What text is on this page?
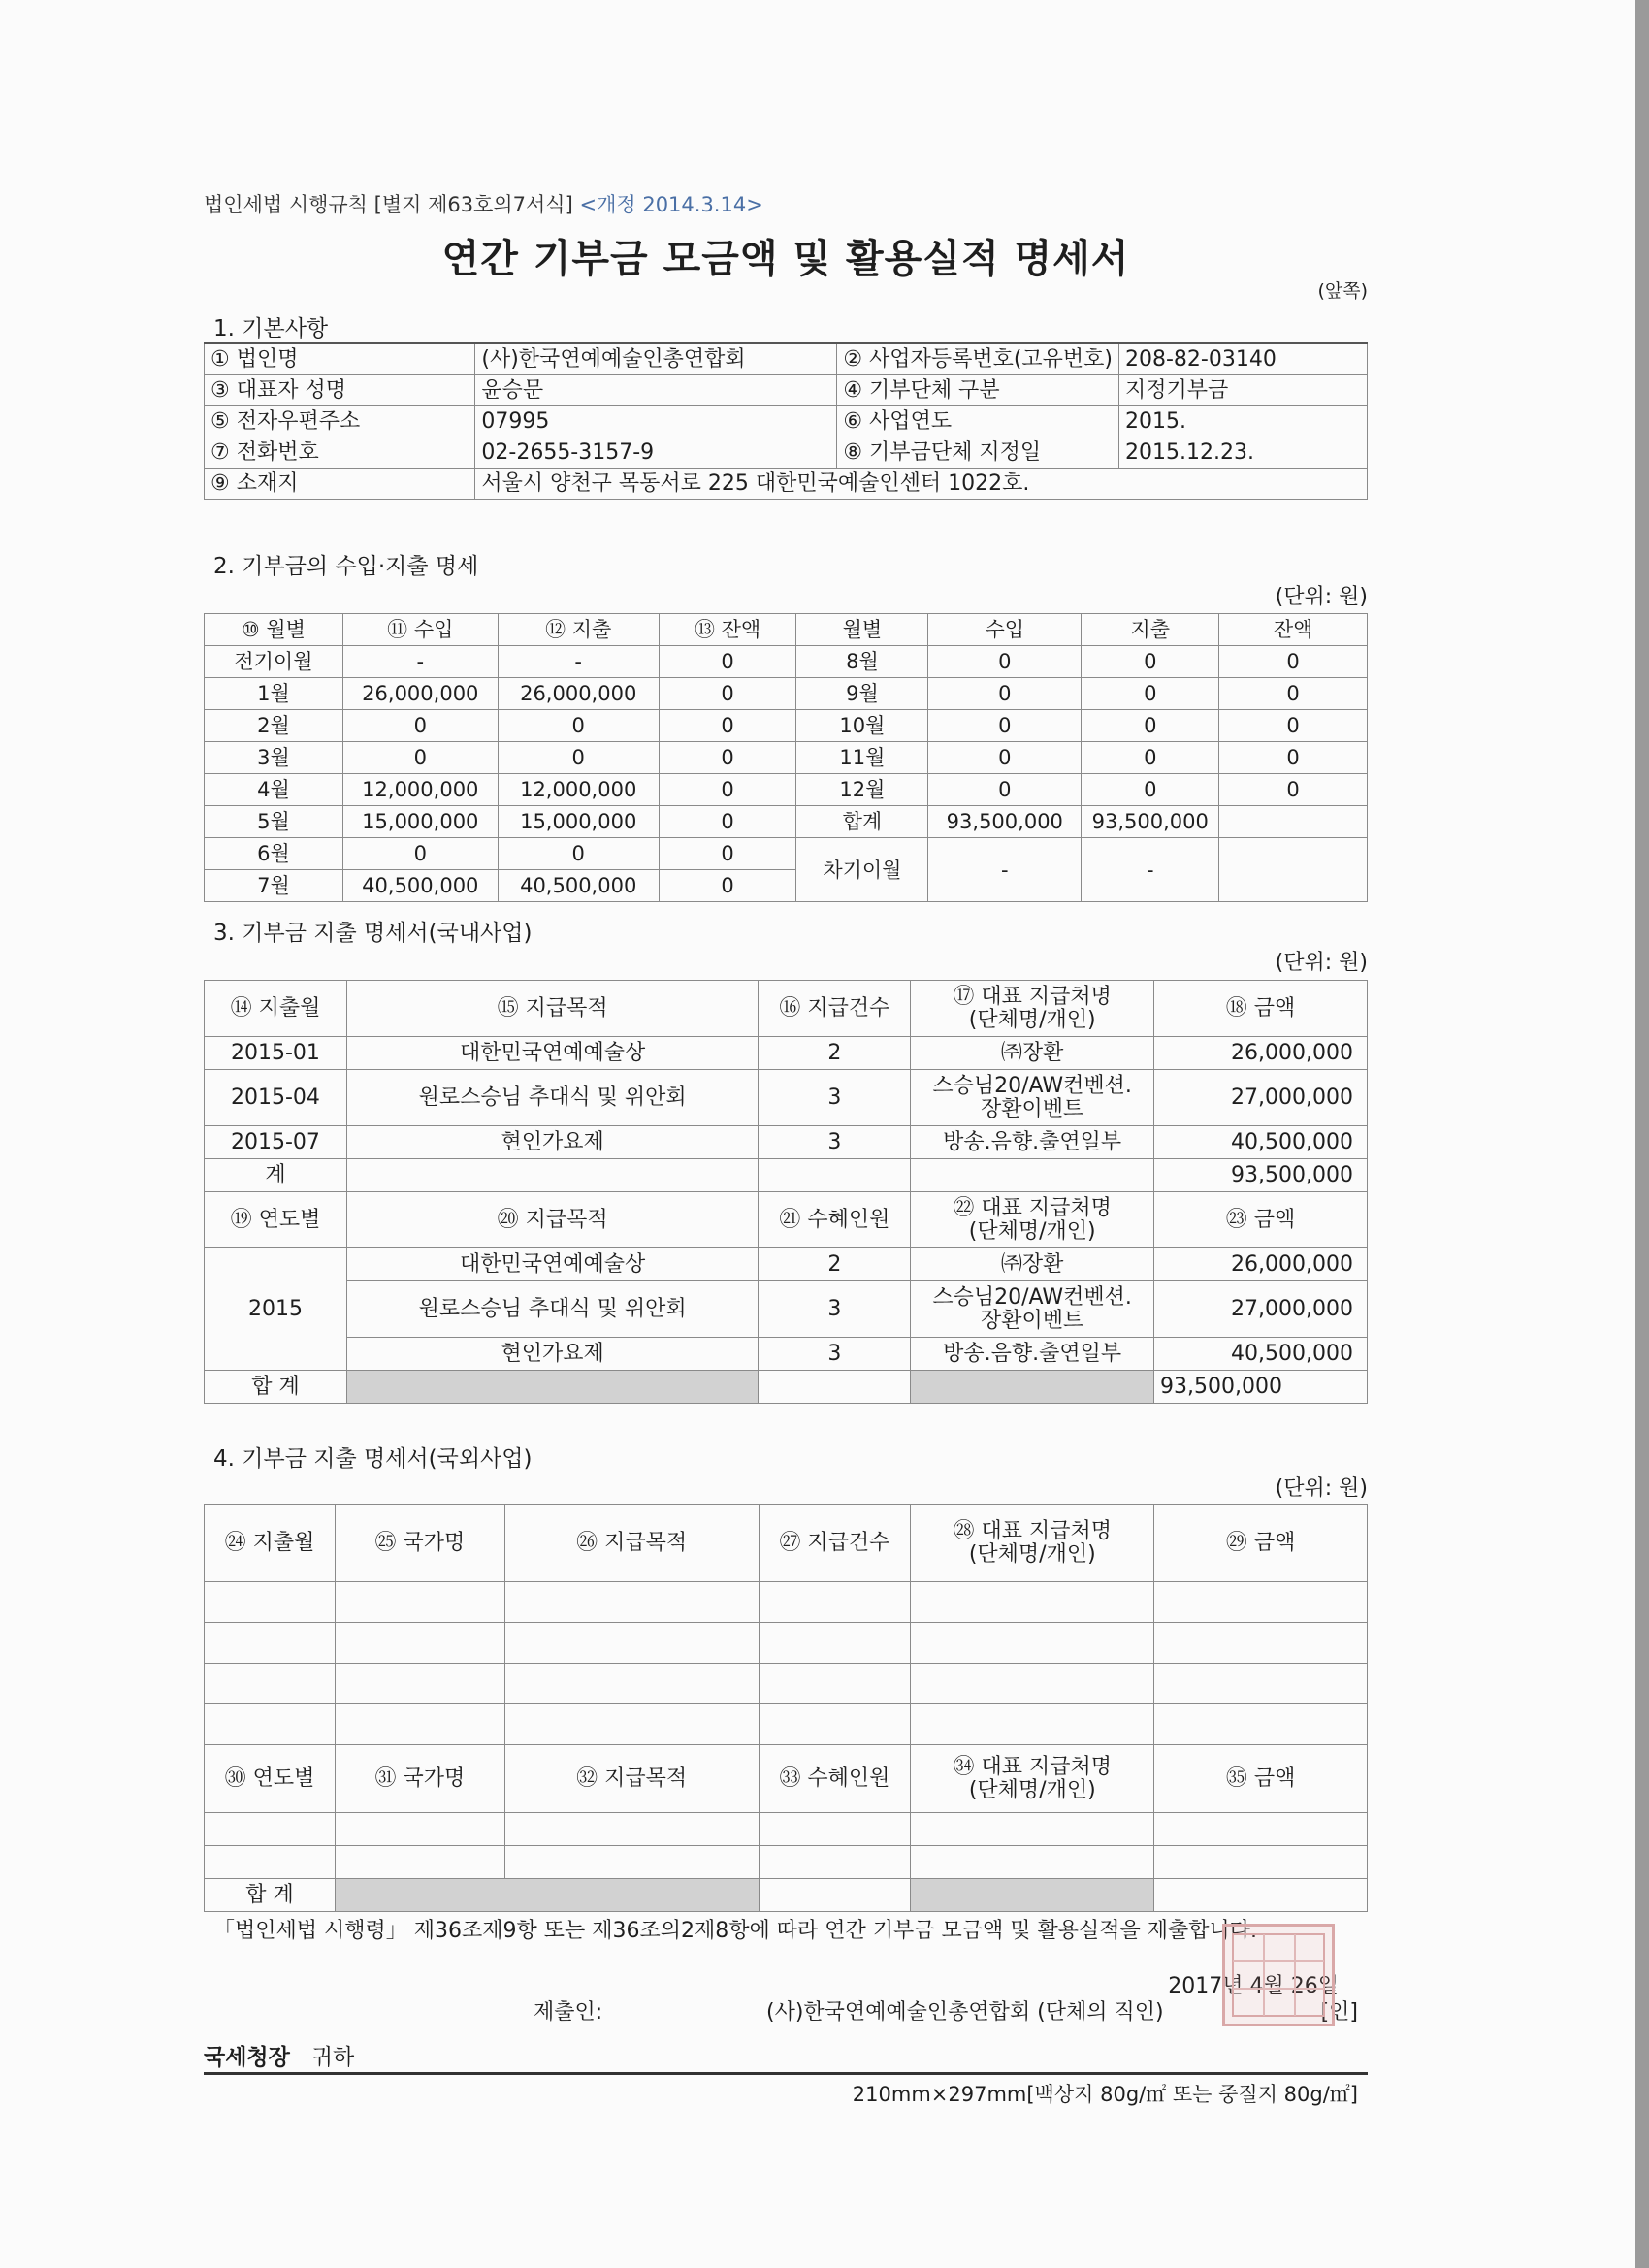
법인세법 시행규칙 [별지 제63호의7서식] <개정 2014.3.14>
연간 기부금 모금액 및 활용실적 명세서
(앞쪽)
1. 기본사항
① 법인명	(사)한국연예예술인총연합회	② 사업자등록번호(고유번호)	208-82-03140
③ 대표자 성명	윤승문	④ 기부단체 구분	지정기부금
⑤ 전자우편주소	07995	⑥ 사업연도	2015.
⑦ 전화번호	02-2655-3157-9	⑧ 기부금단체 지정일	2015.12.23.
⑨ 소재지	서울시 양천구 목동서로 225 대한민국예술인센터 1022호.		
2. 기부금의 수입·지출 명세
(단위: 원)
⑩ 월별	⑪ 수입	⑫ 지출	⑬ 잔액	월별	수입	지출	잔액
전기이월	-	-	0	8월	0	0	0
1월	26,000,000	26,000,000	0	9월	0	0	0
2월	0	0	0	10월	0	0	0
3월	0	0	0	11월	0	0	0
4월	12,000,000	12,000,000	0	12월	0	0	0
5월	15,000,000	15,000,000	0	합계	93,500,000	93,500,000	
6월	0	0	0	차기이월	-	-	
7월	40,500,000	40,500,000	0				
3. 기부금 지출 명세서(국내사업)
(단위: 원)
⑭ 지출월	⑮ 지급목적	⑯ 지급건수	⑰ 대표 지급처명
(단체명/개인)	⑱ 금액
2015-01	대한민국연예예술상	2	㈜장환	26,000,000
2015-04	원로스승님 추대식 및 위안회	3	스승님20/AW컨벤션.
장환이벤트	27,000,000
2015-07	현인가요제	3	방송.음향.출연일부	40,500,000
계				93,500,000
⑲ 연도별	⑳ 지급목적	㉑ 수혜인원	㉒ 대표 지급처명
(단체명/개인)	㉓ 금액
2015	대한민국연예예술상	2	㈜장환	26,000,000
	원로스승님 추대식 및 위안회	3	스승님20/AW컨벤션.
장환이벤트	27,000,000
	현인가요제	3	방송.음향.출연일부	40,500,000
합 계				93,500,000
4. 기부금 지출 명세서(국외사업)
(단위: 원)
㉔ 지출월	㉕ 국가명	㉖ 지급목적	㉗ 지급건수	㉘ 대표 지급처명
(단체명/개인)	㉙ 금액

㉚ 연도별	㉛ 국가명	㉜ 지급목적	㉝ 수혜인원	㉞ 대표 지급처명
(단체명/개인)	㉟ 금액

합 계					
「법인세법 시행령」 제36조제9항 또는 제36조의2제8항에 따라 연간 기부금 모금액 및 활용실적을 제출합니다.
2017년 4월 26일
제출인:	(사)한국연예예술인총연합회 (단체의 직인)	[인]
국세청장 귀하
210mm×297mm[백상지 80g/㎡ 또는 중질지 80g/㎡]
